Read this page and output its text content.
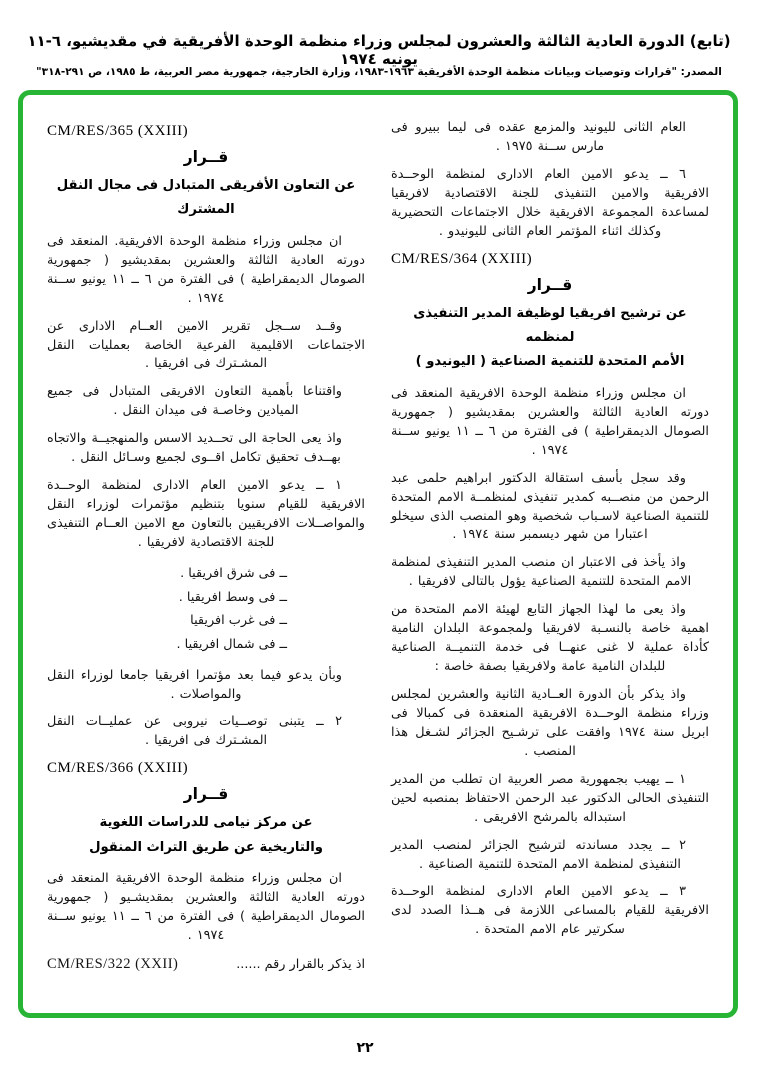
(تابع) الدورة العادية الثالثة والعشرون لمجلس وزراء منظمة الوحدة الأفريقية في مقديشيو، ٦-١١ يونيه ١٩٧٤
المصدر: "قرارات وتوصيات وبيانات منظمة الوحدة الأفريقية ١٩٦٣-١٩٨٣، وزارة الخارجية، جمهورية مصر العربية، ط ١٩٨٥، ص ٢٩١-٣١٨"
العام الثانى لليونيد والمزمع عقده فى ليما ببيرو فى مارس ســنة ١٩٧٥ .
٦ ــ يدعو الامين العام الادارى لمنظمة الوحــدة الافريقية والامين التنفيذى للجنة الاقتصادية لافريقيا لمساعدة المجموعة الافريقية خلال الاجتماعات التحضيرية وكذلك اثناء المؤتمر العام الثانى لليونيدو .
CM/RES/364 (XXIII)
قــرار
عن ترشيح افريقيا لوظيفة المدير التنفيذى لمنظمه
الأمم المتحدة للتنمية الصناعية ( اليونيدو )
ان مجلس وزراء منظمة الوحدة الافريقية المنعقد فى دورته العادية الثالثة والعشرين بمقديشيو ( جمهورية الصومال الديمقراطية ) فى الفترة من ٦ ــ ١١ يونيو ســنة ١٩٧٤ .
وقد سجل بأسف استقالة الدكتور ابراهيم حلمى عبد الرحمن من منصــبه كمدير تنفيذى لمنظمــة الامم المتحدة للتنمية الصناعية لاسـباب شخصية وهو المنصب الذى سيخلو اعتبارا من شهر ديسمبر سنة ١٩٧٤ .
واذ يأخذ فى الاعتبار ان منصب المدير التنفيذى لمنظمة الامم المتحدة للتنمية الصناعية يؤول بالتالى لافريقيا .
واذ يعى ما لهذا الجهاز التابع لهيئة الامم المتحدة من اهمية خاصة بالنسـبة لافريقيا ولمجموعة البلدان النامية كأداة عملية لا غنى عنهــا فى خدمة التنميــة الصناعية للبلدان النامية عامة ولافريقيا بصفة خاصة :
واذ يذكر بأن الدورة العــادية الثانية والعشرين لمجلس وزراء منظمة الوحــدة الافريقية المنعقدة فى كمبالا فى ابريل سنة ١٩٧٤ وافقت على ترشـيح الجزائر لشـغل هذا المنصب .
١ ــ يهيب بجمهورية مصر العربية ان تطلب من المدير التنفيذى الحالى الدكتور عبد الرحمن الاحتفاظ بمنصبه لحين استبداله بالمرشح الافريقى .
٢ ــ يجدد مساندته لترشيح الجزائر لمنصب المدير التنفيذى لمنظمة الامم المتحدة للتنمية الصناعية .
٣ ــ يدعو الامين العام الادارى لمنظمة الوحــدة الافريقية للقيام بالمساعى اللازمة فى هــذا الصدد لدى سكرتير عام الامم المتحدة .
CM/RES/365 (XXIII)
قــرار
عن التعاون الأفريقى المتبادل فى مجال النقل المشترك
ان مجلس وزراء منظمة الوحدة الافريقية. المنعقد فى دورته العادية الثالثة والعشرين بمقديشيو ( جمهورية الصومال الديمقراطية ) فى الفترة من ٦ ــ ١١ يونيو ســنة ١٩٧٤ .
وقــد ســجل تقرير الامين العــام الادارى عن الاجتماعات الاقليمية الفرعية الخاصة بعمليات النقل المشـترك فى افريقيا .
واقتناعا بأهمية التعاون الافريقى المتبادل فى جميع الميادين وخاصـة فى ميدان النقل .
واذ يعى الحاجة الى تحــديد الاسس والمنهجيــة والاتجاه بهــدف تحقيق تكامل اقــوى لجميع وسـائل النقل .
١ ــ يدعو الامين العام الادارى لمنظمة الوحــدة الافريقية للقيام سنويا بتنظيم مؤتمرات لوزراء النقل والمواصــلات الافريقيين بالتعاون مع الامين العــام التنفيذى للجنة الاقتصادية لافريقيا .
ــ فى شرق افريقيا .
ــ فى وسط افريقيا .
ــ فى غرب افريقيا
ــ فى شمال افريقيا .
وبأن يدعو فيما بعد مؤتمرا افريقيا جامعا لوزراء النقل والمواصلات .
٢ ــ يتبنى توصــيات نيروبى عن عمليــات النقل المشـترك فى افريقيا .
CM/RES/366 (XXIII)
قــرار
عن مركز نيامى للدراسات اللغوية
والتاريخية عن طريق التراث المنقول
ان مجلس وزراء منظمة الوحدة الافريقية المنعقد فى دورته العادية الثالثة والعشرين بمقديشـيو ( جمهورية الصومال الديمقراطية ) فى الفترة من ٦ ــ ١١ يونيو ســنة ١٩٧٤ .
اذ يذكر بالقرار رقم ......
CM/RES/322 (XXII)
٢٢
